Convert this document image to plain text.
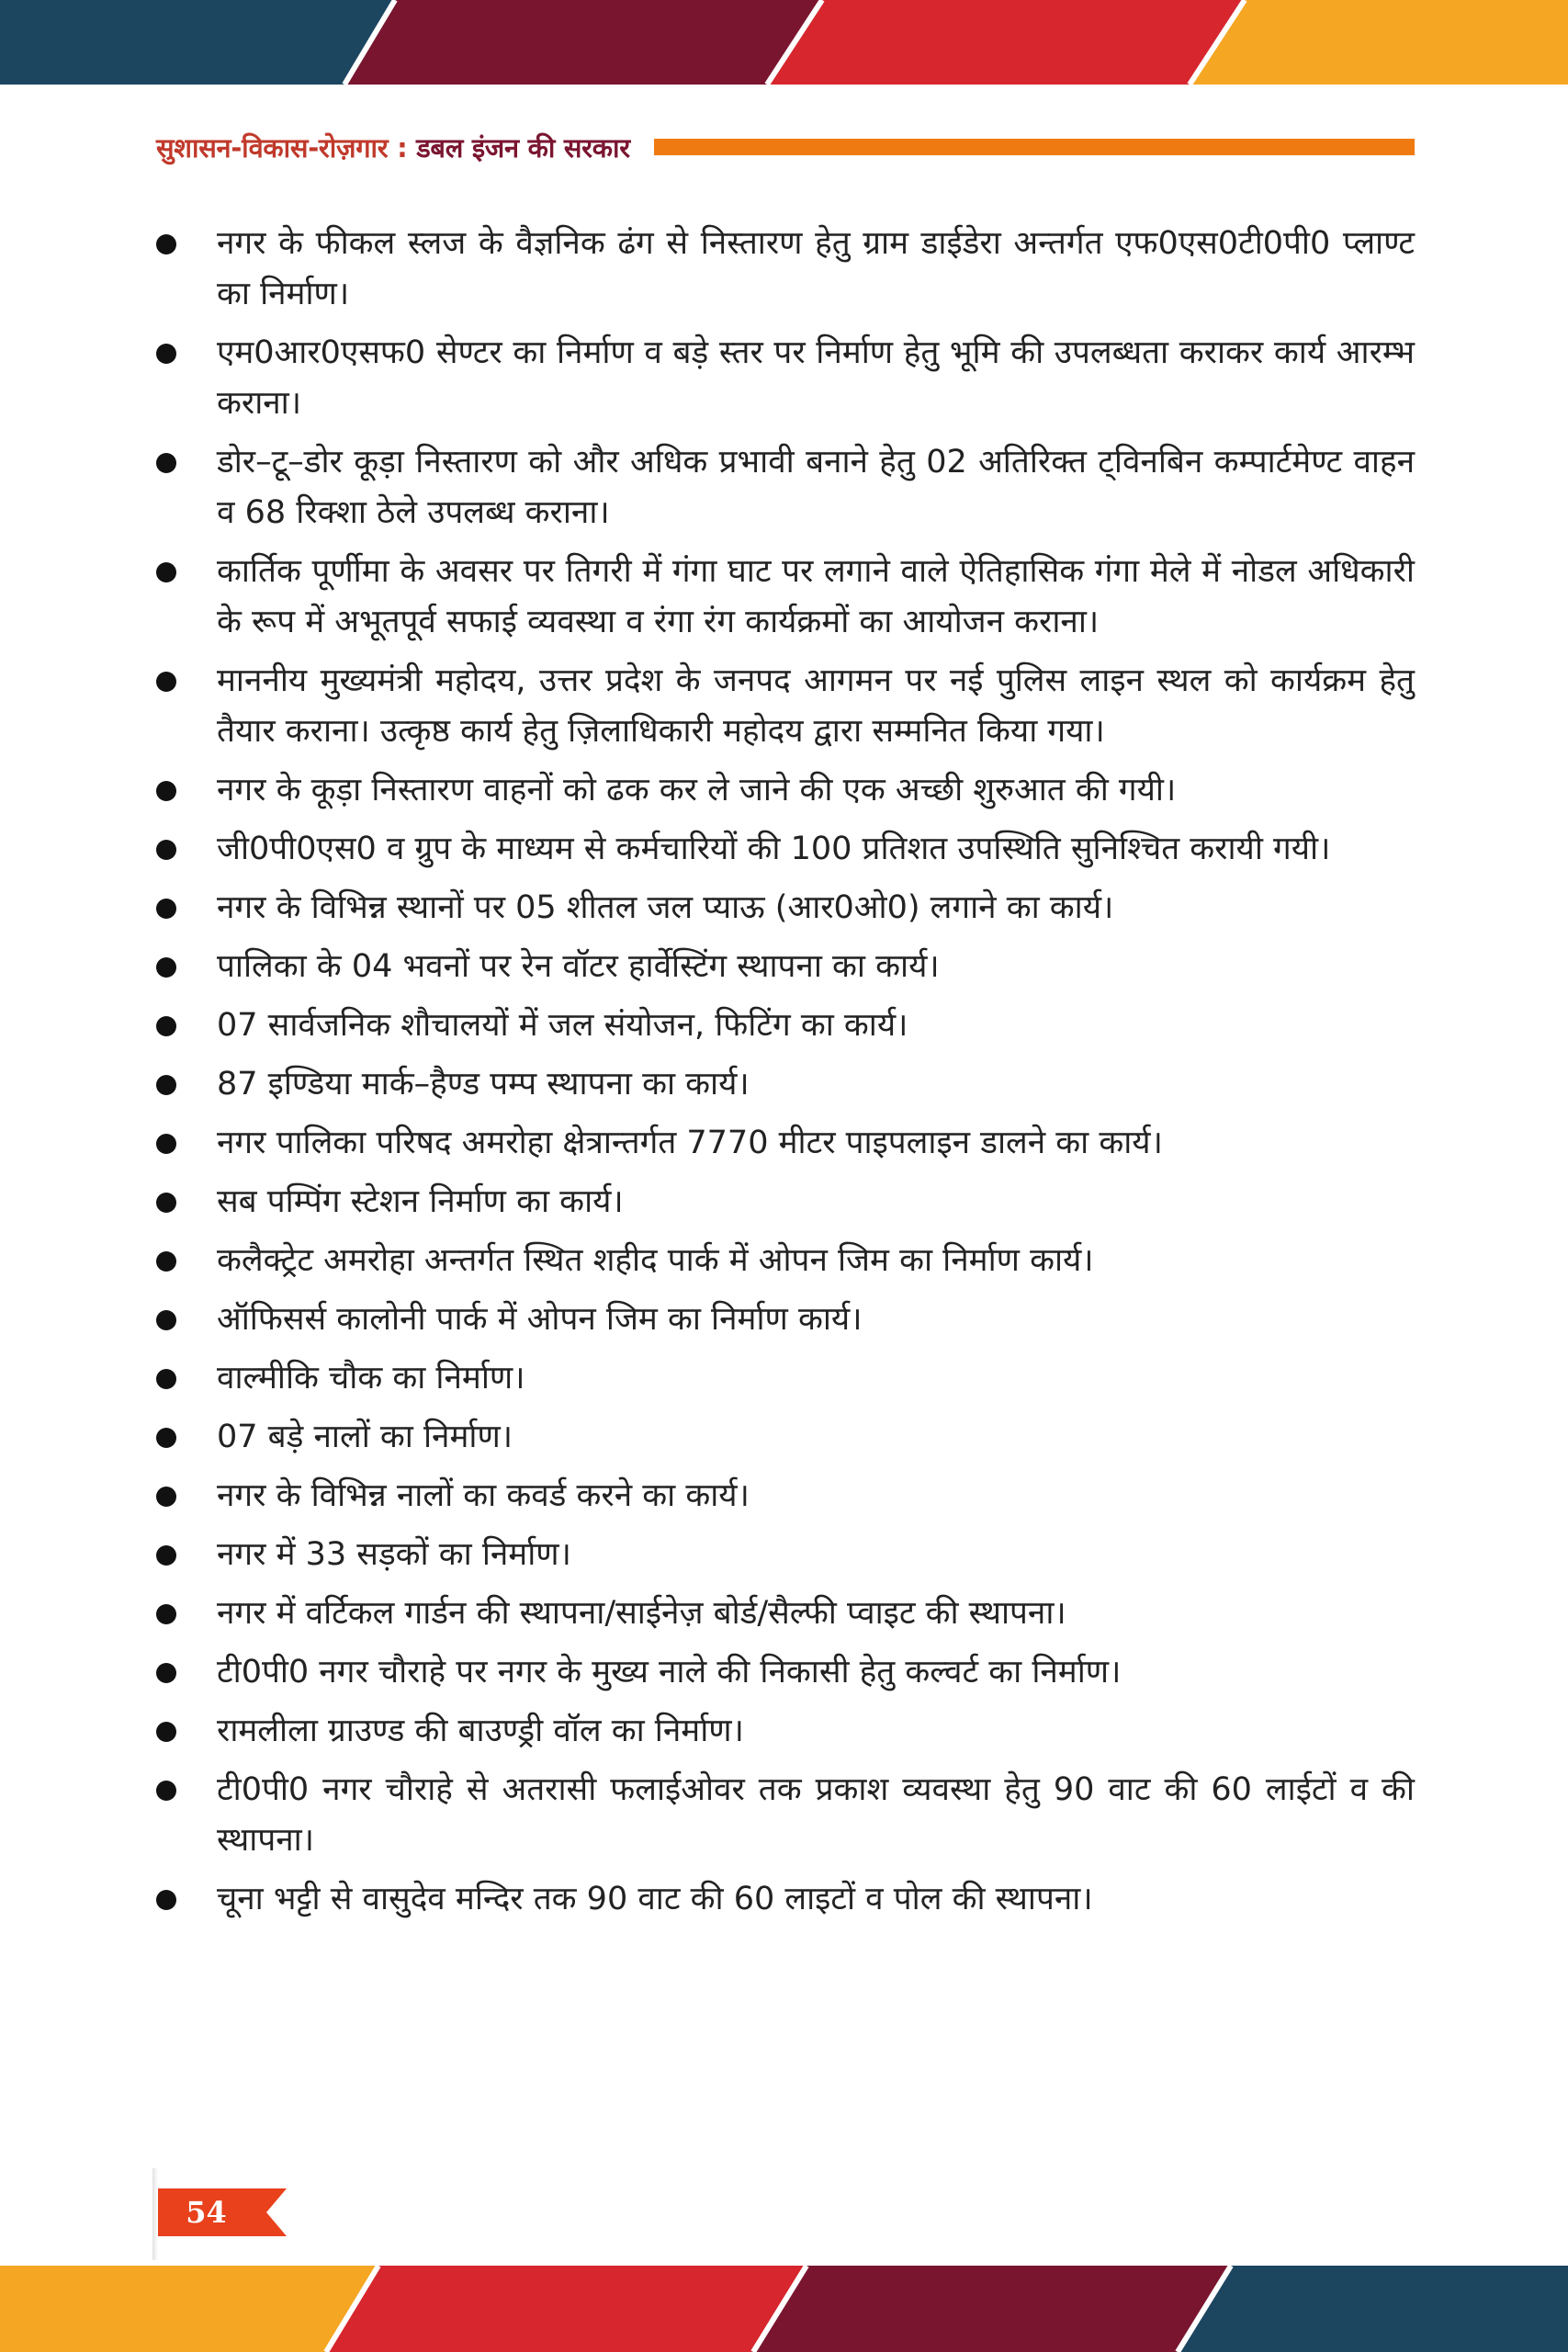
सुशासन-विकास-रोज़गार : डबल इंजन की सरकार
नगर के फीकल स्लज के वैज्ञनिक ढंग से निस्तारण हेतु ग्राम डाईडेरा अन्तर्गत एफ0एस0टी0पी0 प्लाण्ट का निर्माण।
एम0आर0एसफ0 सेण्टर का निर्माण व बड़े स्तर पर निर्माण हेतु भूमि की उपलब्धता कराकर कार्य आरम्भ कराना।
डोर–टू–डोर कूड़ा निस्तारण को और अधिक प्रभावी बनाने हेतु 02 अतिरिक्त ट्विनबिन कम्पार्टमेण्ट वाहन व 68 रिक्शा ठेले उपलब्ध कराना।
कार्तिक पूर्णीमा के अवसर पर तिगरी में गंगा घाट पर लगाने वाले ऐतिहासिक गंगा मेले में नोडल अधिकारी के रूप में अभूतपूर्व सफाई व्यवस्था व रंगा रंग कार्यक्रमों का आयोजन कराना।
माननीय मुख्यमंत्री महोदय, उत्तर प्रदेश के जनपद आगमन पर नई पुलिस लाइन स्थल को कार्यक्रम हेतु तैयार कराना। उत्कृष्ठ कार्य हेतु ज़िलाधिकारी महोदय द्वारा सम्मनित किया गया।
नगर के कूड़ा निस्तारण वाहनों को ढक कर ले जाने की एक अच्छी शुरुआत की गयी।
जी0पी0एस0 व ग्रुप के माध्यम से कर्मचारियों की 100 प्रतिशत उपस्थिति सुनिश्चित करायी गयी।
नगर के विभिन्न स्थानों पर 05 शीतल जल प्याऊ (आर0ओ0) लगाने का कार्य।
पालिका के 04 भवनों पर रेन वॉटर हार्वेस्टिंग स्थापना का कार्य।
07 सार्वजनिक शौचालयों में जल संयोजन, फिटिंग का कार्य।
87 इण्डिया मार्क–हैण्ड पम्प स्थापना का कार्य।
नगर पालिका परिषद अमरोहा क्षेत्रान्तर्गत 7770 मीटर पाइपलाइन डालने का कार्य।
सब पम्पिंग स्टेशन निर्माण का कार्य।
कलैक्ट्रेट अमरोहा अन्तर्गत स्थित शहीद पार्क में ओपन जिम का निर्माण कार्य।
ऑफिसर्स कालोनी पार्क में ओपन जिम का निर्माण कार्य।
वाल्मीकि चौक का निर्माण।
07 बड़े नालों का निर्माण।
नगर के विभिन्न नालों का कवर्ड करने का कार्य।
नगर में 33 सड़कों का निर्माण।
नगर में वर्टिकल गार्डन की स्थापना/साईनेज़ बोर्ड/सैल्फी प्वाइट की स्थापना।
टी0पी0 नगर चौराहे पर नगर के मुख्य नाले की निकासी हेतु कल्वर्ट का निर्माण।
रामलीला ग्राउण्ड की बाउण्ड्री वॉल का निर्माण।
टी0पी0 नगर चौराहे से अतरासी फलाईओवर तक प्रकाश व्यवस्था हेतु 90 वाट की 60 लाईटों व की स्थापना।
चूना भट्टी से वासुदेव मन्दिर तक 90 वाट की 60 लाइटों व पोल की स्थापना।
54
